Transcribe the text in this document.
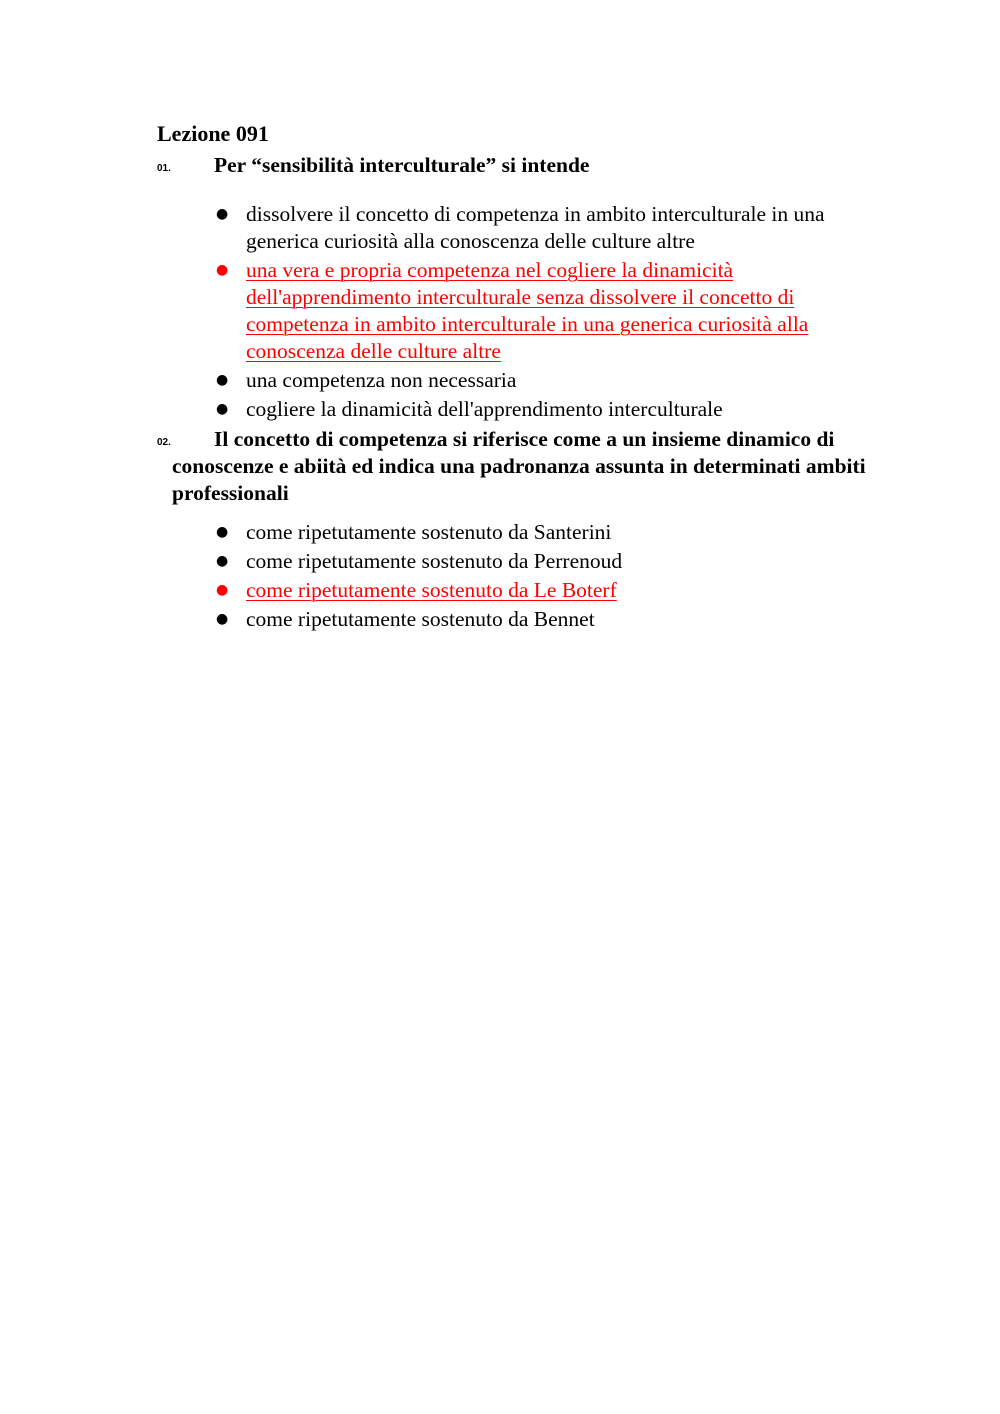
Lezione 091
01.	Per “sensibilità interculturale” si intende

● dissolvere il concetto di competenza in ambito interculturale in una generica curiosità alla conoscenza delle culture altre
● una vera e propria competenza nel cogliere la dinamicità dell'apprendimento interculturale senza dissolvere il concetto di competenza in ambito interculturale in una generica curiosità alla conoscenza delle culture altre
● una competenza non necessaria
● cogliere la dinamicità dell'apprendimento interculturale
02.	Il concetto di competenza si riferisce come a un insieme dinamico di conoscenze e abiità ed indica una padronanza assunta in determinati ambiti professionali

● come ripetutamente sostenuto da Santerini
● come ripetutamente sostenuto da Perrenoud
● come ripetutamente sostenuto da Le Boterf
● come ripetutamente sostenuto da Bennet
